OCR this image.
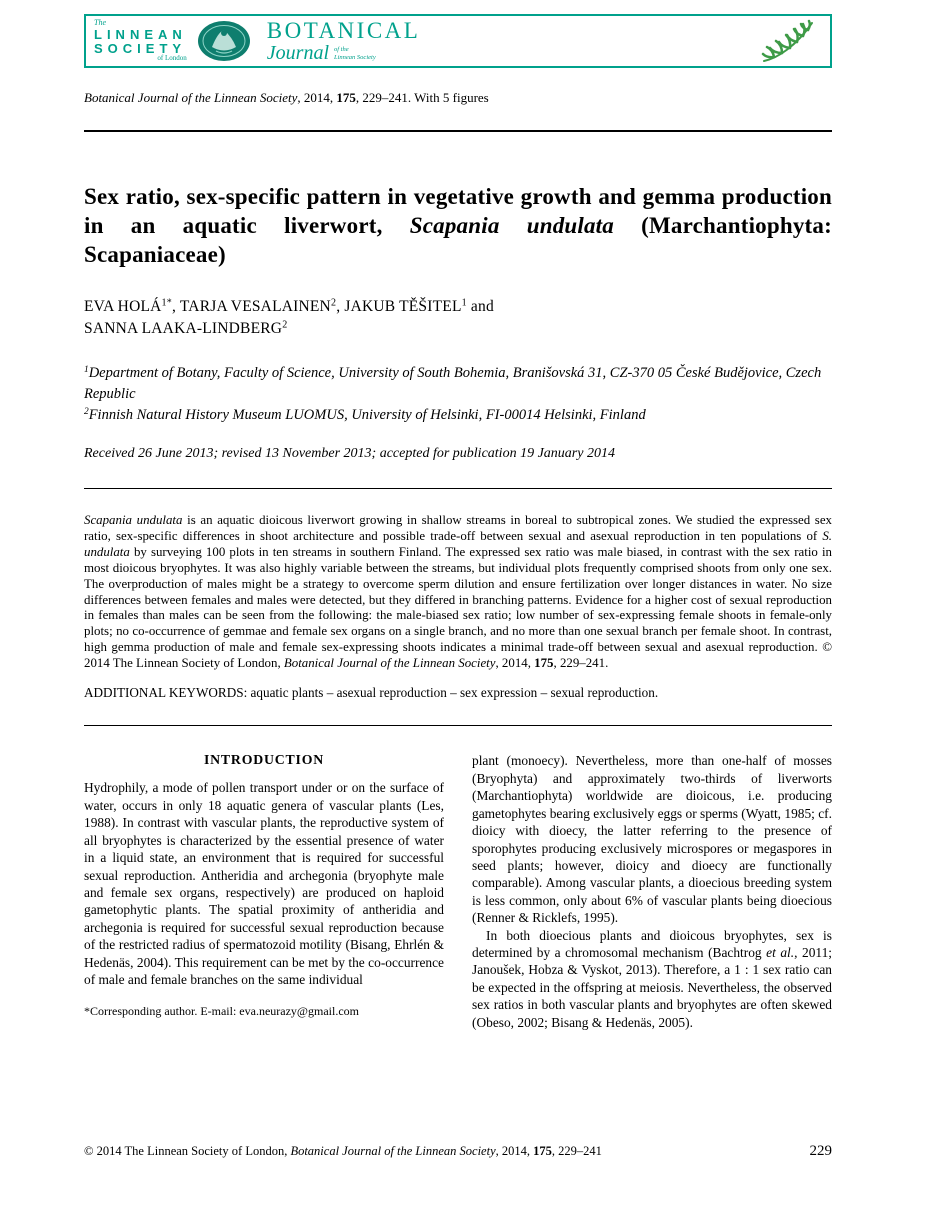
The
LINNEAN
SOCIETY
of London
BOTANICAL
Journal of the
Linnean Society
Botanical Journal of the Linnean Society, 2014, 175, 229–241. With 5 figures
Sex ratio, sex-specific pattern in vegetative growth and gemma production in an aquatic liverwort, Scapania undulata (Marchantiophyta: Scapaniaceae)
EVA $HOLÁ^{1*}$, TARJA VESALAINEN$^2$, JAKUB TĚŠITEL$^1$ and
SANNA LAAKA-LINDBERG$^2$
$^1$Department of Botany, Faculty of Science, University of South Bohemia, Branišovská 31, CZ-370 05 České Budějovice, Czech Republic
$^2$Finnish Natural History Museum LUOMUS, University of Helsinki, FI-00014 Helsinki, Finland
Received 26 June 2013; revised 13 November 2013; accepted for publication 19 January 2014

Scapania undulata is an aquatic dioicous liverwort growing in shallow streams in boreal to subtropical zones. We studied the expressed sex ratio, sex-specific differences in shoot architecture and possible trade-off between sexual and asexual reproduction in ten populations of S. undulata by surveying 100 plots in ten streams in southern Finland. The expressed sex ratio was male biased, in contrast with the sex ratio in most dioicous bryophytes. It was also highly variable between the streams, but individual plots frequently comprised shoots from only one sex. The overproduction of males might be a strategy to overcome sperm dilution and ensure fertilization over longer distances in water. No size differences between females and males were detected, but they differed in branching patterns. Evidence for a higher cost of sexual reproduction in females than males can be seen from the following: the male-biased sex ratio; low number of sex-expressing female shoots in female-only plots; no co-occurrence of gemmae and female sex organs on a single branch, and no more than one sexual branch per female shoot. In contrast, high gemma production of male and female sex-expressing shoots indicates a minimal trade-off between sexual and asexual reproduction. © 2014 The Linnean Society of London, Botanical Journal of the Linnean Society, 2014, 175, 229–241.

ADDITIONAL KEYWORDS: aquatic plants – asexual reproduction – sex expression – sexual reproduction.

INTRODUCTION

Hydrophily, a mode of pollen transport under or on the surface of water, occurs in only 18 aquatic genera of vascular plants (Les, 1988). In contrast with vascular plants, the reproductive system of all bryophytes is characterized by the essential presence of water in a liquid state, an environment that is required for successful sexual reproduction. Antheridia and archegonia (bryophyte male and female sex organs, respectively) are produced on haploid gametophytic plants. The spatial proximity of antheridia and archegonia is required for successful sexual reproduction because of the restricted radius of spermatozoid motility (Bisang, Ehrlén & Hedenäs, 2004). This requirement can be met by the co-occurrence of male and female branches on the same individual

*Corresponding author. E-mail: eva.neurazy@gmail.com

plant (monoecy). Nevertheless, more than one-half of mosses (Bryophyta) and approximately two-thirds of liverworts (Marchantiophyta) worldwide are dioicous, i.e. producing gametophytes bearing exclusively eggs or sperms (Wyatt, 1985; cf. dioicy with dioecy, the latter referring to the presence of sporophytes producing exclusively microspores or megaspores in seed plants; however, dioicy and dioecy are functionally comparable). Among vascular plants, a dioecious breeding system is less common, only about 6% of vascular plants being dioecious (Renner & Ricklefs, 1995).

In both dioecious plants and dioicous bryophytes, sex is determined by a chromosomal mechanism (Bachtrog et al., 2011; Janoušek, Hobza & Vyskot, 2013). Therefore, a 1 : 1 sex ratio can be expected in the offspring at meiosis. Nevertheless, the observed sex ratios in both vascular plants and bryophytes are often skewed (Obeso, 2002; Bisang & Hedenäs, 2005).

© 2014 The Linnean Society of London, Botanical Journal of the Linnean Society, 2014, 175, 229–241	229
